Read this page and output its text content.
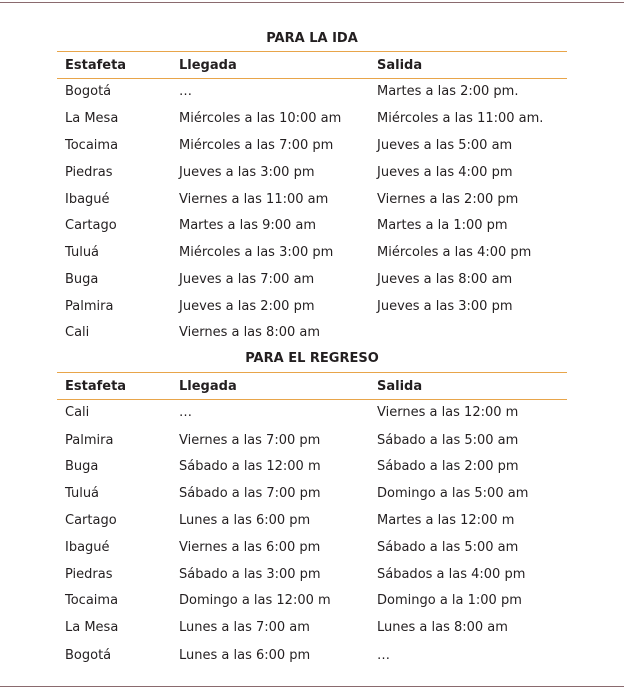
PARA LA IDA
Estafeta	Llegada	Salida
Bogotá	…	Martes a las 2:00 pm.
La Mesa	Miércoles a las 10:00 am	Miércoles a las 11:00 am.
Tocaima	Miércoles a las 7:00 pm	Jueves a las 5:00 am
Piedras	Jueves a las 3:00 pm	Jueves a las 4:00 pm
Ibagué	Viernes a las 11:00 am	Viernes a las 2:00 pm
Cartago	Martes a las 9:00 am	Martes a la 1:00 pm
Tuluá	Miércoles a las 3:00 pm	Miércoles a las 4:00 pm
Buga	Jueves a las 7:00 am	Jueves a las 8:00 am
Palmira	Jueves a las 2:00 pm	Jueves a las 3:00 pm
Cali	Viernes a las 8:00 am
PARA EL REGRESO
Estafeta	Llegada	Salida
Cali	…	Viernes a las 12:00 m
Palmira	Viernes a las 7:00 pm	Sábado a las 5:00 am
Buga	Sábado a las 12:00 m	Sábado a las 2:00 pm
Tuluá	Sábado a las 7:00 pm	Domingo a las 5:00 am
Cartago	Lunes a las 6:00 pm	Martes a las 12:00 m
Ibagué	Viernes a las 6:00 pm	Sábado a las 5:00 am
Piedras	Sábado a las 3:00 pm	Sábados a las 4:00 pm
Tocaima	Domingo a las 12:00 m	Domingo a la 1:00 pm
La Mesa	Lunes a las 7:00 am	Lunes a las 8:00 am
Bogotá	Lunes a las 6:00 pm	…
